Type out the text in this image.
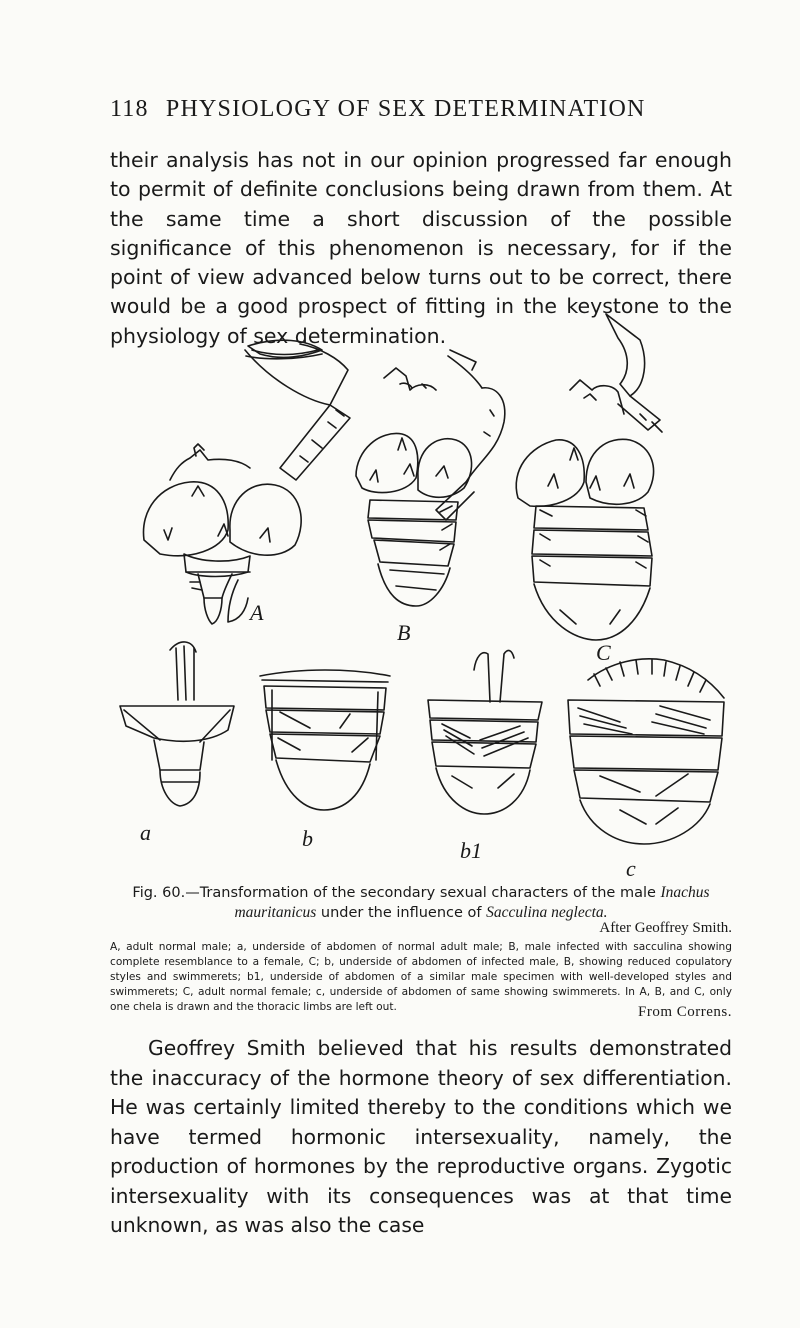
118 PHYSIOLOGY OF SEX DETERMINATION
their analysis has not in our opinion progressed far enough to permit of definite conclusions being drawn from them. At the same time a short discussion of the possible significance of this phenomenon is necessary, for if the point of view advanced below turns out to be correct, there would be a good prospect of fitting in the keystone to the physiology of sex determination.
A
B
C
a	b	b1
c
Fig. 60.—Transformation of the secondary sexual characters of the male Inachus mauritanicus under the influence of Sacculina neglecta.
After Geoffrey Smith.
A, adult normal male; a, underside of abdomen of normal adult male; B, male infected with sacculina showing complete resemblance to a female, C; b, underside of abdomen of infected male, B, showing reduced copulatory styles and swimmerets; b1, underside of abdomen of a similar male specimen with well-developed styles and swimmerets; C, adult normal female; c, underside of abdomen of same showing swimmerets. In A, B, and C, only one chela is drawn and the thoracic limbs are left out.	From Correns.
Geoffrey Smith believed that his results demonstrated the inaccuracy of the hormone theory of sex differentiation. He was certainly limited thereby to the conditions which we have termed hormonic intersexuality, namely, the production of hormones by the reproductive organs. Zygotic intersexuality with its consequences was at that time unknown, as was also the case
